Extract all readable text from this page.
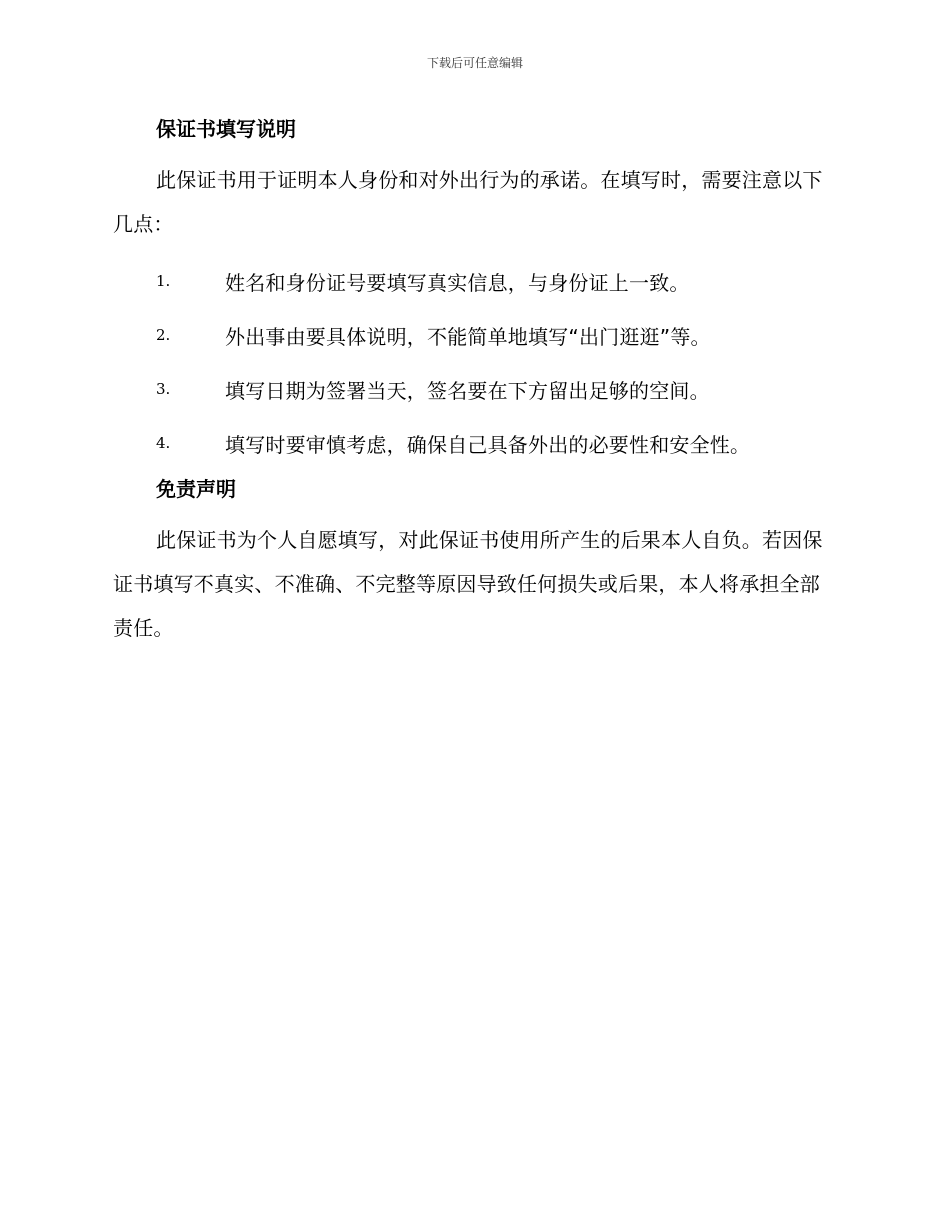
下载后可任意编辑
保证书填写说明

此保证书用于证明本人身份和对外出行为的承诺。在填写时，需要注意以下几点：

1.	姓名和身份证号要填写真实信息，与身份证上一致。
2.	外出事由要具体说明，不能简单地填写“出门逛逛”等。
3.	填写日期为签署当天，签名要在下方留出足够的空间。
4.	填写时要审慎考虑，确保自己具备外出的必要性和安全性。
免责声明

此保证书为个人自愿填写，对此保证书使用所产生的后果本人自负。若因保证书填写不真实、不准确、不完整等原因导致任何损失或后果，本人将承担全部责任。
